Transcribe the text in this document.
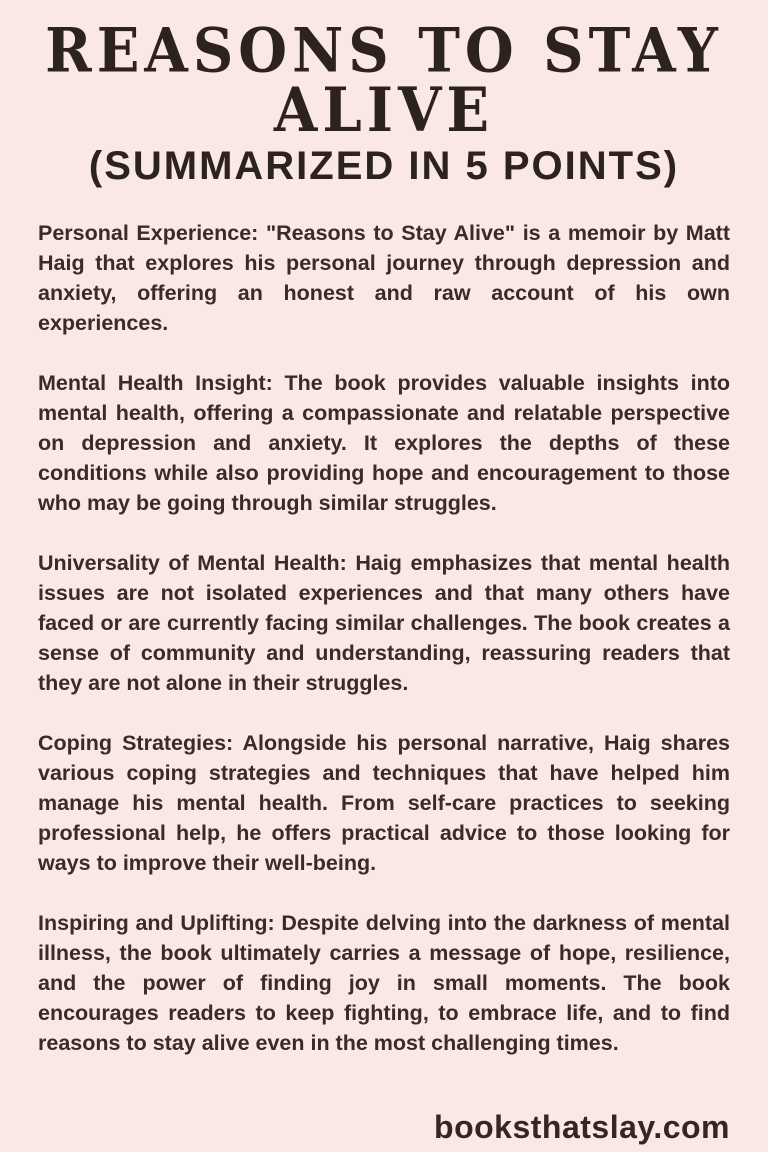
REASONS TO STAY ALIVE
(SUMMARIZED IN 5 POINTS)

Personal Experience: "Reasons to Stay Alive" is a memoir by Matt Haig that explores his personal journey through depression and anxiety, offering an honest and raw account of his own experiences.

Mental Health Insight: The book provides valuable insights into mental health, offering a compassionate and relatable perspective on depression and anxiety. It explores the depths of these conditions while also providing hope and encouragement to those who may be going through similar struggles.

Universality of Mental Health: Haig emphasizes that mental health issues are not isolated experiences and that many others have faced or are currently facing similar challenges. The book creates a sense of community and understanding, reassuring readers that they are not alone in their struggles.

Coping Strategies: Alongside his personal narrative, Haig shares various coping strategies and techniques that have helped him manage his mental health. From self-care practices to seeking professional help, he offers practical advice to those looking for ways to improve their well-being.

Inspiring and Uplifting: Despite delving into the darkness of mental illness, the book ultimately carries a message of hope, resilience, and the power of finding joy in small moments. The book encourages readers to keep fighting, to embrace life, and to find reasons to stay alive even in the most challenging times.

booksthatslay.com
